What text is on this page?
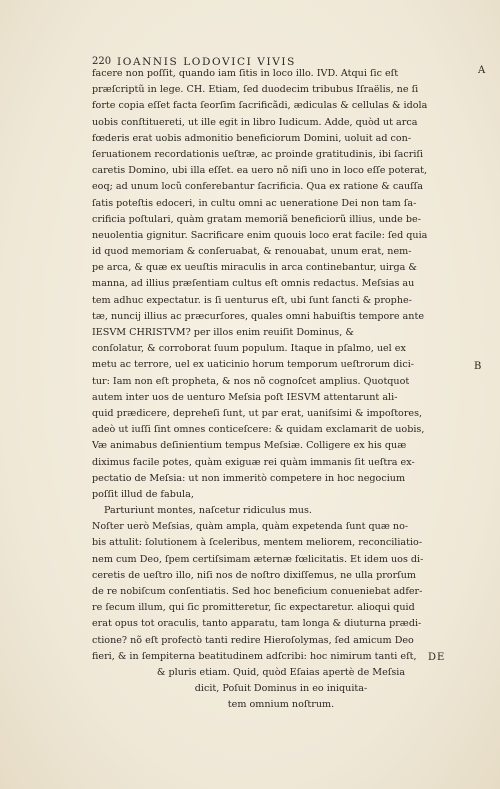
220 IOANNIS LODOVICI VIVIS
A
B
facere non poſſit, quando iam ſitis in loco illo. IVD. Atqui ſic eſt
præſcriptũ in lege. CH. Etiam, ſed duodecim tribubus Iſraëlis, ne ſi
forte copia eſſet facta ſeorſim ſacrificãdi, ædiculas & cellulas & idola
uobis conſtituereti, ut ille egit in libro Iudicum. Adde, quòd ut arca
fœderis erat uobis admonitio beneficiorum Domini, uoluit ad con-
ſeruationem recordationis ueſtræ, ac proinde gratitudinis, ibi ſacriſi
caretis Domino, ubi illa eſſet. ea uero nõ niſi uno in loco eſſe poterat,
eoq; ad unum locũ conferebantur ſacrificia. Qua ex ratione & cauſſa
ſatis poteſtis edoceri, in cultu omni ac ueneratione Dei non tam ſa-
crificia poſtulari, quàm gratam memoriã beneficiorũ illius, unde be-
neuolentia gignitur. Sacrificare enim quouis loco erat facile: ſed quia
id quod memoriam & conſeruabat, & renouabat, unum erat, nem-
pe arca, & quæ ex ueuſtis miraculis in arca continebantur, uirga &
manna, ad illius præſentiam cultus eſt omnis redactus. Meſsias au
tem adhuc expectatur. is ſi uenturus eſt, ubi ſunt ſancti & prophe-
tæ, nuncij illius ac præcurſores, quales omni habuiſtis tempore ante
IESVM CHRISTVM? per illos enim reuiſit Dominus, &
conſolatur, & corroborat ſuum populum. Itaque in pſalmo, uel ex
metu ac terrore, uel ex uaticinio horum temporum ueſtrorum dici-
tur: Iam non eſt propheta, & nos nõ cognoſcet amplius. Quotquot
autem inter uos de uenturo Meſsia poſt IESVM attentarunt ali-
quid prædicere, depreheſi ſunt, ut par erat, uaniſsimi & impoſtores,
adeò ut iuſſi ſint omnes conticeſcere: & quidam exclamarit de uobis,
Væ animabus deſinientium tempus Meſsiæ. Colligere ex his quæ
diximus facile potes, quàm exiguæ rei quàm immanis ſit ueſtra ex-
pectatio de Meſsia: ut non immeritò competere in hoc negocium
poſſit illud de fabula,
Parturiunt montes, naſcetur ridiculus mus.
Noſter uerò Meſsias, quàm ampla, quàm expetenda ſunt quæ no-
bis attulit: ſolutionem à ſceleribus, mentem meliorem, reconciliatio-
nem cum Deo, ſpem certiſsimam æternæ fœlicitatis. Et idem uos di-
ceretis de ueſtro illo, niſi nos de noſtro dixiſſemus, ne ulla prorſum
de re nobiſcum conſentiatis. Sed hoc beneficium conueniebat adfer-
re ſecum illum, qui ſic promitteretur, ſic expectaretur. alioqui quid
erat opus tot oraculis, tanto apparatu, tam longa & diuturna prædi-
ctione? nõ eſt profectò tanti redire Hieroſolymas, ſed amicum Deo
fieri, & in ſempiterna beatitudinem adſcribi: hoc nimirum tanti eſt,
& pluris etiam. Quid, quòd Eſaias apertè de Meſsia
dicit, Poſuit Dominus in eo iniquita-
tem omnium noſtrum.
DE
